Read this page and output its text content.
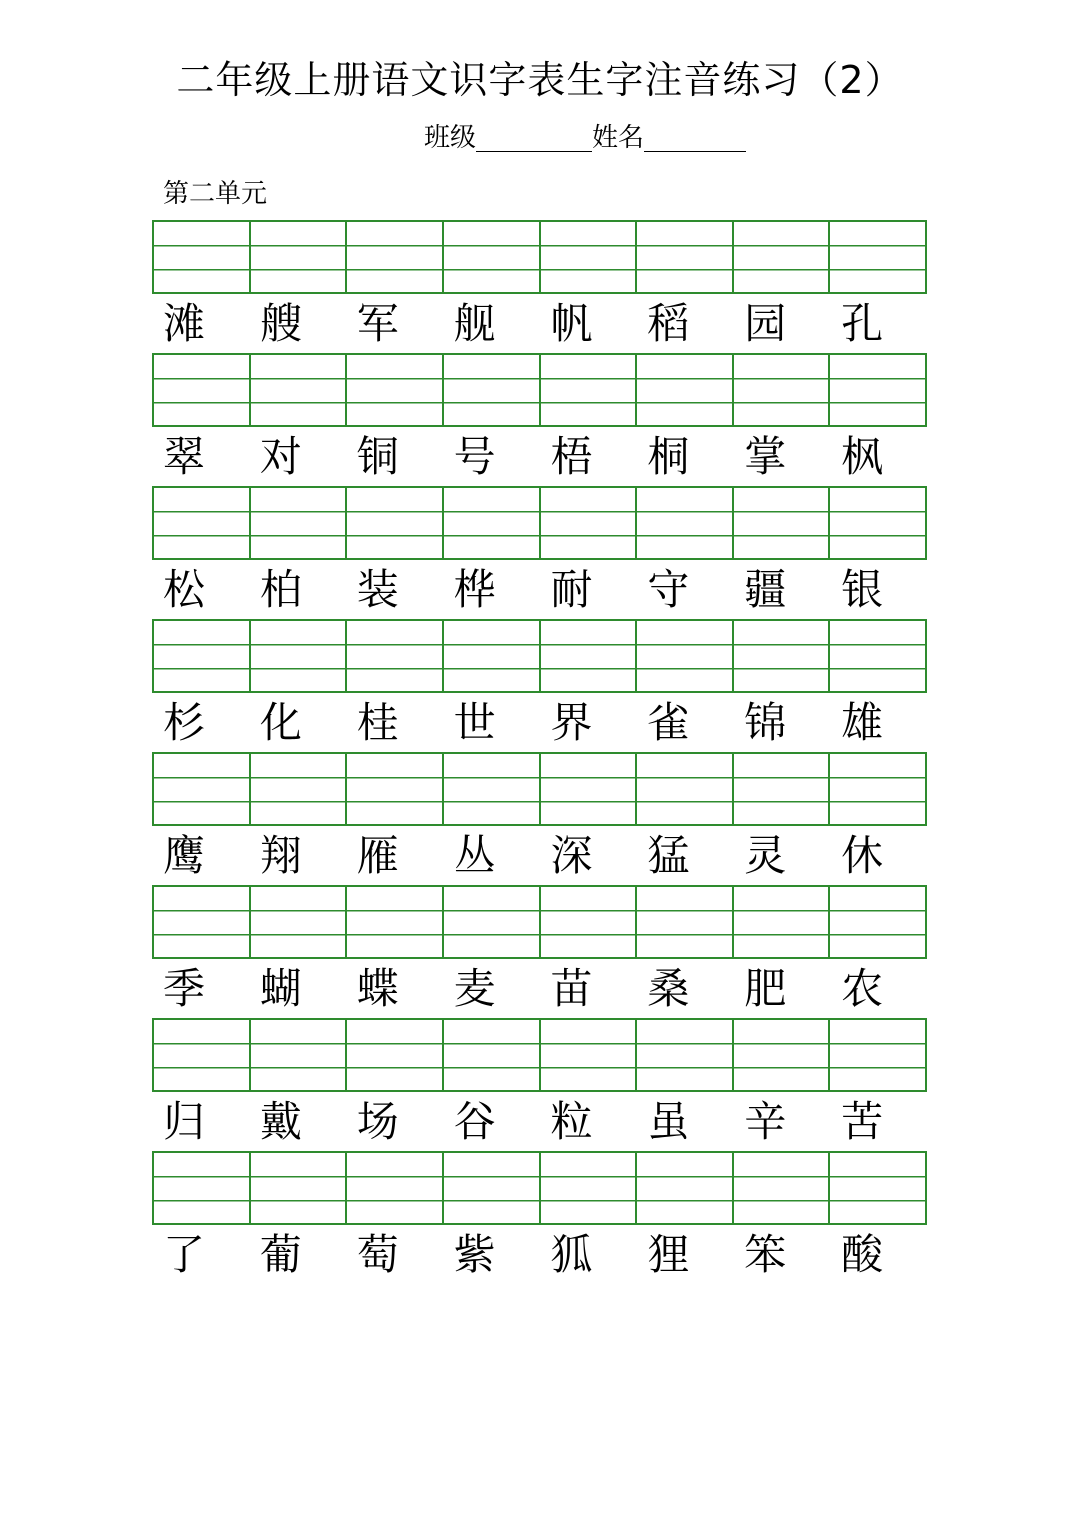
二年级上册语文识字表生字注音练习（2）
班级	姓名
第二单元
滩	艘	军	舰	帆	稻	园	孔
翠	对	铜	号	梧	桐	掌	枫
松	柏	装	桦	耐	守	疆	银
杉	化	桂	世	界	雀	锦	雄
鹰	翔	雁	丛	深	猛	灵	休
季	蝴	蝶	麦	苗	桑	肥	农
归	戴	场	谷	粒	虽	辛	苦
了	葡	萄	紫	狐	狸	笨	酸
